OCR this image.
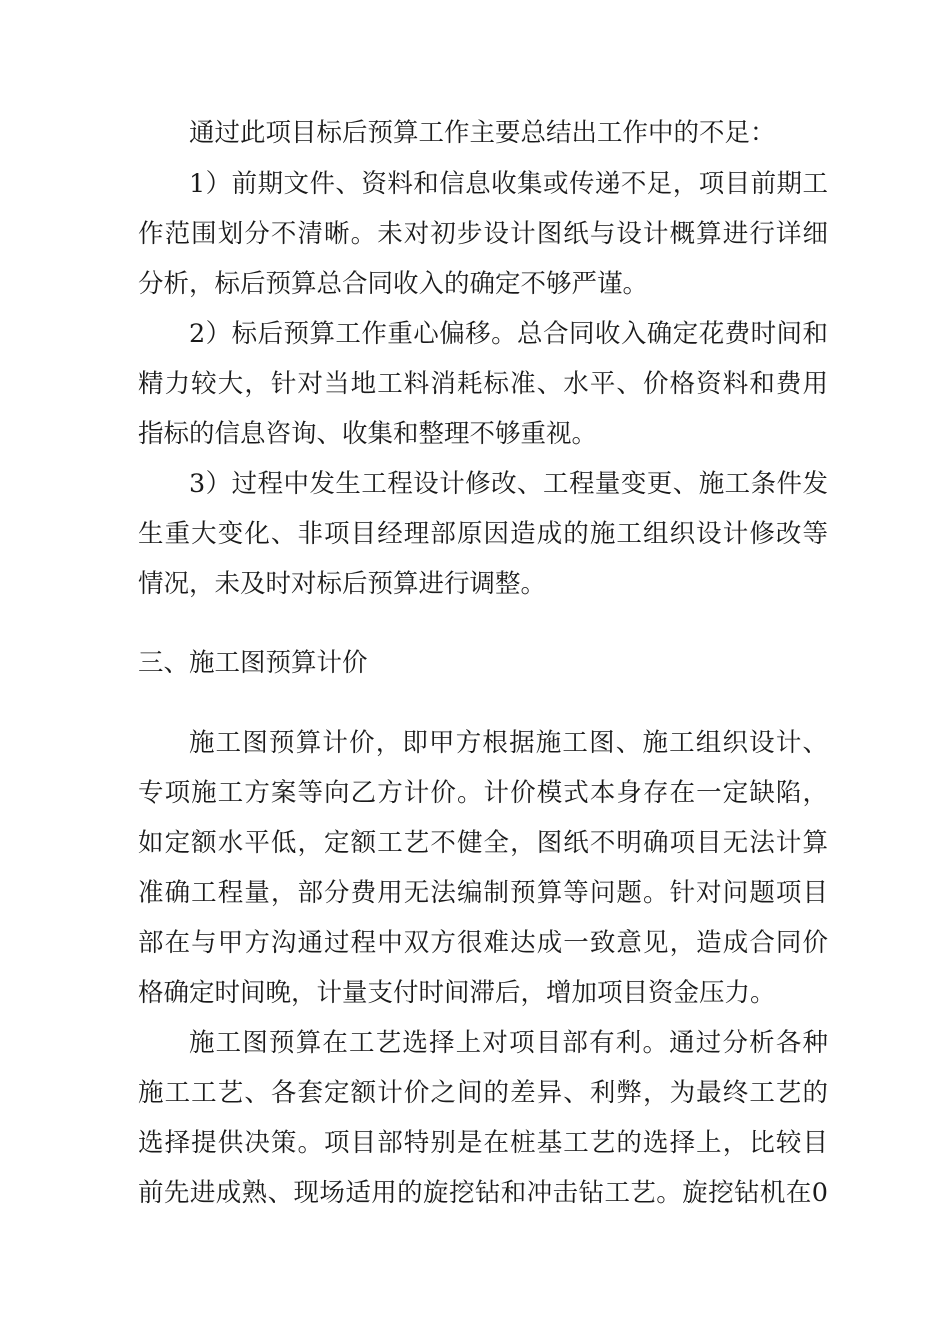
通过此项目标后预算工作主要总结出工作中的不足：

1）前期文件、资料和信息收集或传递不足，项目前期工

作范围划分不清晰。未对初步设计图纸与设计概算进行详细

分析，标后预算总合同收入的确定不够严谨。

2）标后预算工作重心偏移。总合同收入确定花费时间和

精力较大，针对当地工料消耗标准、水平、价格资料和费用

指标的信息咨询、收集和整理不够重视。

3）过程中发生工程设计修改、工程量变更、施工条件发

生重大变化、非项目经理部原因造成的施工组织设计修改等

情况，未及时对标后预算进行调整。

三、施工图预算计价

施工图预算计价，即甲方根据施工图、施工组织设计、

专项施工方案等向乙方计价。计价模式本身存在一定缺陷，

如定额水平低，定额工艺不健全，图纸不明确项目无法计算

准确工程量，部分费用无法编制预算等问题。针对问题项目

部在与甲方沟通过程中双方很难达成一致意见，造成合同价

格确定时间晚，计量支付时间滞后，增加项目资金压力。

施工图预算在工艺选择上对项目部有利。通过分析各种

施工工艺、各套定额计价之间的差异、利弊，为最终工艺的

选择提供决策。项目部特别是在桩基工艺的选择上，比较目

前先进成熟、现场适用的旋挖钻和冲击钻工艺。旋挖钻机在0
